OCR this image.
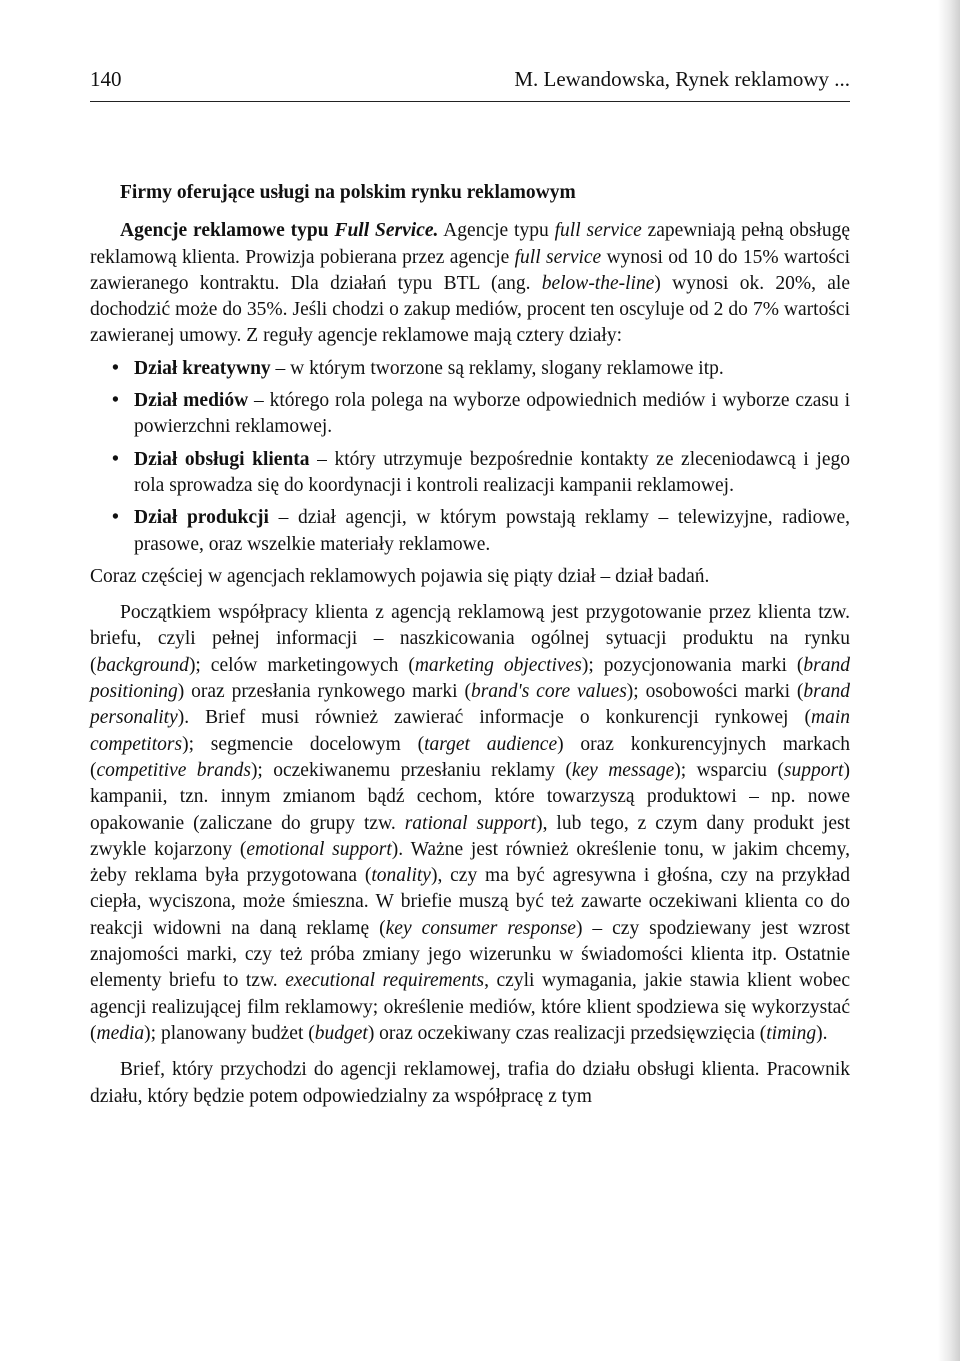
140	M. Lewandowska, Rynek reklamowy ...
Firmy oferujące usługi na polskim rynku reklamowym

Agencje reklamowe typu Full Service. Agencje typu full service zapewniają pełną obsługę reklamową klienta. Prowizja pobierana przez agencje full service wynosi od 10 do 15% wartości zawieranego kontraktu. Dla działań typu BTL (ang. below-the-line) wynosi ok. 20%, ale dochodzić może do 35%. Jeśli chodzi o zakup mediów, procent ten oscyluje od 2 do 7% wartości zawieranej umowy. Z reguły agencje reklamowe mają cztery działy:

• Dział kreatywny – w którym tworzone są reklamy, slogany reklamowe itp.
• Dział mediów – którego rola polega na wyborze odpowiednich mediów i wyborze czasu i powierzchni reklamowej.
• Dział obsługi klienta – który utrzymuje bezpośrednie kontakty ze zleceniodawcą i jego rola sprowadza się do koordynacji i kontroli realizacji kampanii reklamowej.
• Dział produkcji – dział agencji, w którym powstają reklamy – telewizyjne, radiowe, prasowe, oraz wszelkie materiały reklamowe.

Coraz częściej w agencjach reklamowych pojawia się piąty dział – dział badań.

Początkiem współpracy klienta z agencją reklamową jest przygotowanie przez klienta tzw. briefu, czyli pełnej informacji – naszkicowania ogólnej sytuacji produktu na rynku (background); celów marketingowych (marketing objectives); pozycjonowania marki (brand positioning) oraz przesłania rynkowego marki (brand's core values); osobowości marki (brand personality). Brief musi również zawierać informacje o konkurencji rynkowej (main competitors); segmencie docelowym (target audience) oraz konkurencyjnych markach (competitive brands); oczekiwanemu przesłaniu reklamy (key message); wsparciu (support) kampanii, tzn. innym zmianom bądź cechom, które towarzyszą produktowi – np. nowe opakowanie (zaliczane do grupy tzw. rational support), lub tego, z czym dany produkt jest zwykle kojarzony (emotional support). Ważne jest również określenie tonu, w jakim chcemy, żeby reklama była przygotowana (tonality), czy ma być agresywna i głośna, czy na przykład ciepła, wyciszona, może śmieszna. W briefie muszą być też zawarte oczekiwani klienta co do reakcji widowni na daną reklamę (key consumer response) – czy spodziewany jest wzrost znajomości marki, czy też próba zmiany jego wizerunku w świadomości klienta itp. Ostatnie elementy briefu to tzw. executional requirements, czyli wymagania, jakie stawia klient wobec agencji realizującej film reklamowy; określenie mediów, które klient spodziewa się wykorzystać (media); planowany budżet (budget) oraz oczekiwany czas realizacji przedsięwzięcia (timing).

Brief, który przychodzi do agencji reklamowej, trafia do działu obsługi klienta. Pracownik działu, który będzie potem odpowiedzialny za współpracę z tym
